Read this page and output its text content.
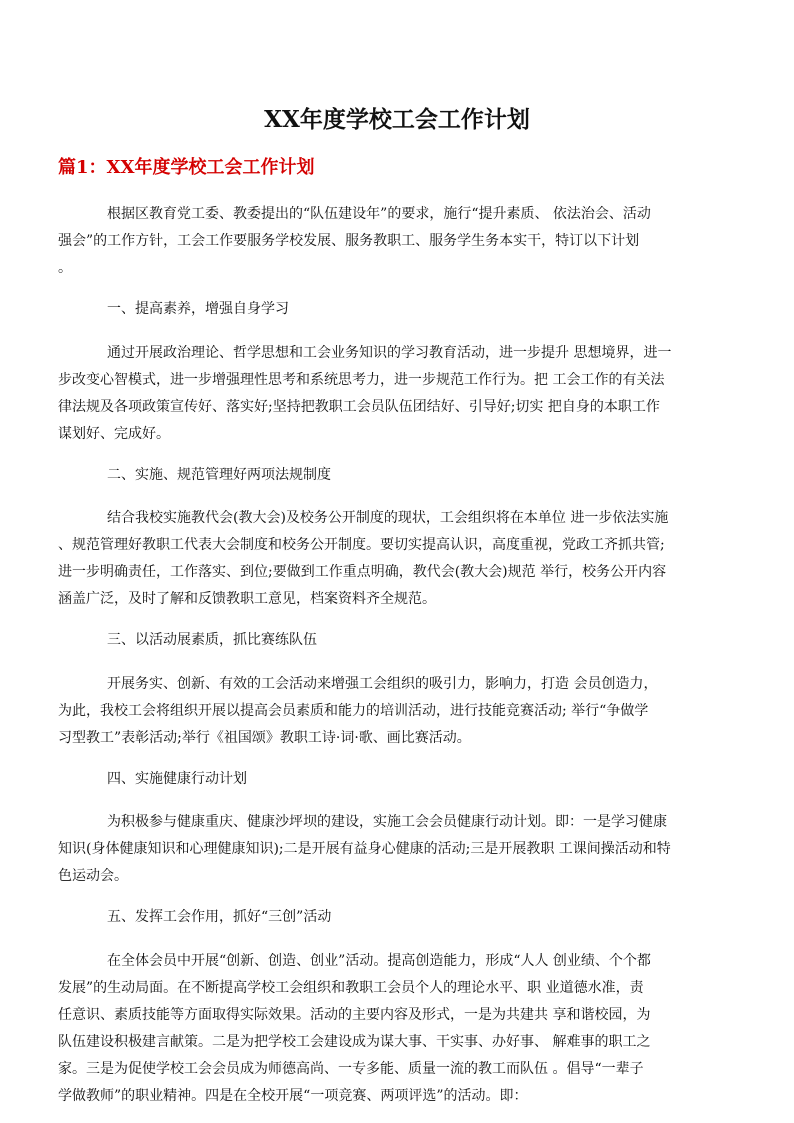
XX年度学校工会工作计划
篇1：XX年度学校工会工作计划

根据区教育党工委、教委提出的“队伍建设年”的要求，施行“提升素质、 依法治会、活动

强会”的工作方针，工会工作要服务学校发展、服务教职工、服务学生务本实干，特订以下计划

。

一、提高素养，增强自身学习

通过开展政治理论、哲学思想和工会业务知识的学习教育活动，进一步提升 思想境界，进一

步改变心智模式，进一步增强理性思考和系统思考力，进一步规范工作行为。把 工会工作的有关法

律法规及各项政策宣传好、落实好;坚持把教职工会员队伍团结好、引导好;切实 把自身的本职工作

谋划好、完成好。

二、实施、规范管理好两项法规制度

结合我校实施教代会(教大会)及校务公开制度的现状，工会组织将在本单位 进一步依法实施

、规范管理好教职工代表大会制度和校务公开制度。要切实提高认识，高度重视，党政工齐抓共管;

进一步明确责任，工作落实、到位;要做到工作重点明确，教代会(教大会)规范 举行，校务公开内容

涵盖广泛，及时了解和反馈教职工意见，档案资料齐全规范。

三、以活动展素质，抓比赛练队伍

开展务实、创新、有效的工会活动来增强工会组织的吸引力，影响力，打造 会员创造力，

为此，我校工会将组织开展以提高会员素质和能力的培训活动，进行技能竞赛活动; 举行“争做学

习型教工”表彰活动;举行《祖国颂》教职工诗·词·歌、画比赛活动。

四、实施健康行动计划

为积极参与健康重庆、健康沙坪坝的建设，实施工会会员健康行动计划。即：一是学习健康

知识(身体健康知识和心理健康知识);二是开展有益身心健康的活动;三是开展教职 工课间操活动和特

色运动会。

五、发挥工会作用，抓好“三创”活动

在全体会员中开展“创新、创造、创业”活动。提高创造能力，形成“人人 创业绩、个个都

发展”的生动局面。在不断提高学校工会组织和教职工会员个人的理论水平、职 业道德水准，责

任意识、素质技能等方面取得实际效果。活动的主要内容及形式，一是为共建共 享和谐校园，为

队伍建设积极建言献策。二是为把学校工会建设成为谋大事、干实事、办好事、 解难事的职工之

家。三是为促使学校工会会员成为师德高尚、一专多能、质量一流的教工而队伍 。倡导“一辈子

学做教师”的职业精神。四是在全校开展“一项竞赛、两项评选”的活动。即：
